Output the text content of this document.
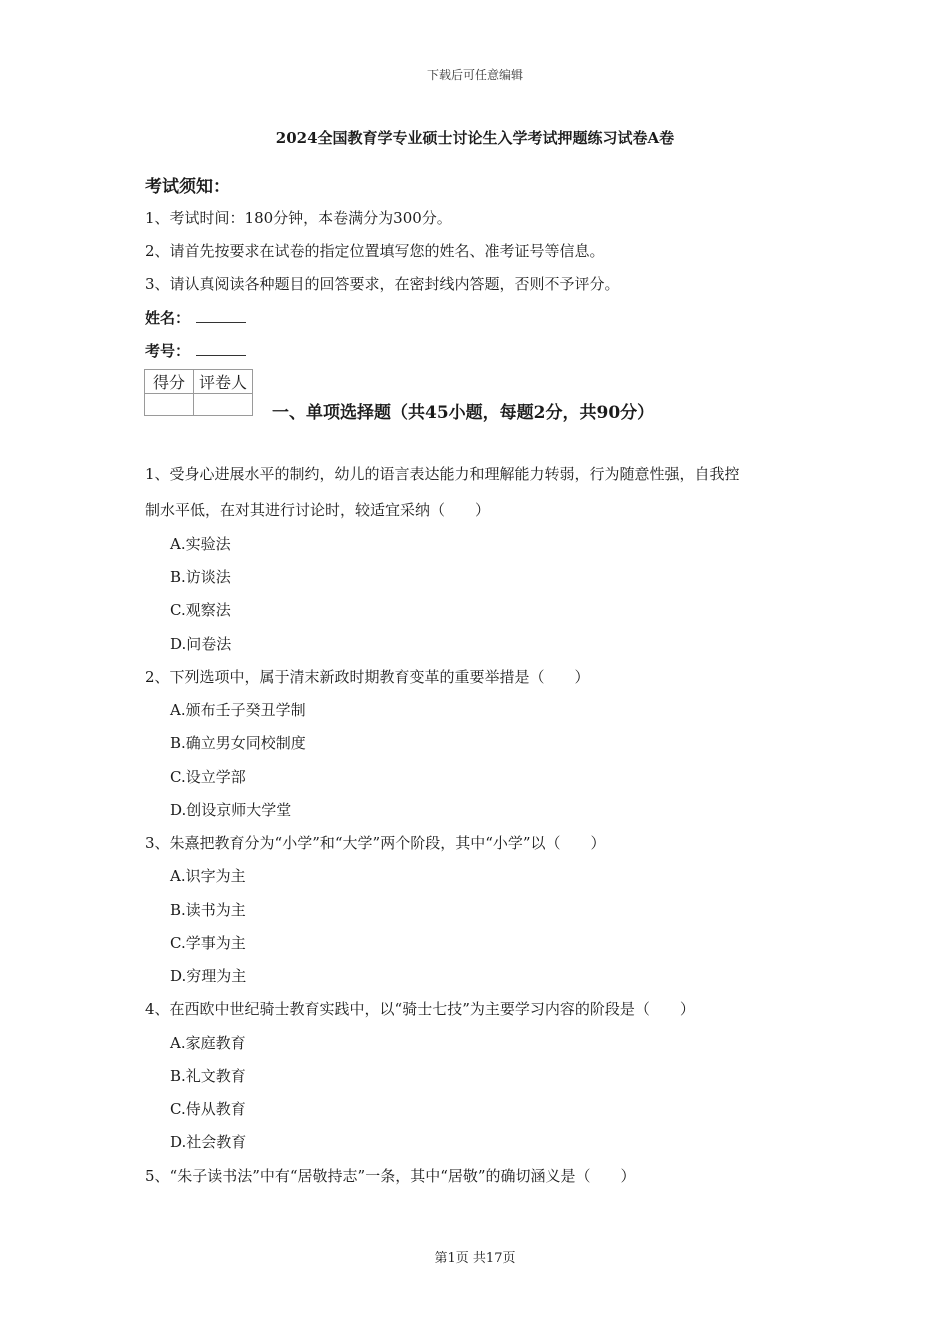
下载后可任意编辑
2024全国教育学专业硕士讨论生入学考试押题练习试卷A卷
考试须知：
1、考试时间：180分钟，本卷满分为300分。
2、请首先按要求在试卷的指定位置填写您的姓名、准考证号等信息。
3、请认真阅读各种题目的回答要求，在密封线内答题，否则不予评分。
姓名：
考号：
得分	评卷人

一、单项选择题（共45小题，每题2分，共90分）
1、受身心进展水平的制约，幼儿的语言表达能力和理解能力转弱，行为随意性强，自我控
制水平低，在对其进行讨论时，较适宜采纳（　　）
A.实验法
B.访谈法
C.观察法
D.问卷法
2、下列选项中，属于清末新政时期教育变革的重要举措是（　　）
A.颁布壬子癸丑学制
B.确立男女同校制度
C.设立学部
D.创设京师大学堂
3、朱熹把教育分为“小学”和“大学”两个阶段，其中“小学”以（　　）
A.识字为主
B.读书为主
C.学事为主
D.穷理为主
4、在西欧中世纪骑士教育实践中，以“骑士七技”为主要学习内容的阶段是（　　）
A.家庭教育
B.礼文教育
C.侍从教育
D.社会教育
5、“朱子读书法”中有“居敬持志”一条，其中“居敬”的确切涵义是（　　）
第1页 共17页
